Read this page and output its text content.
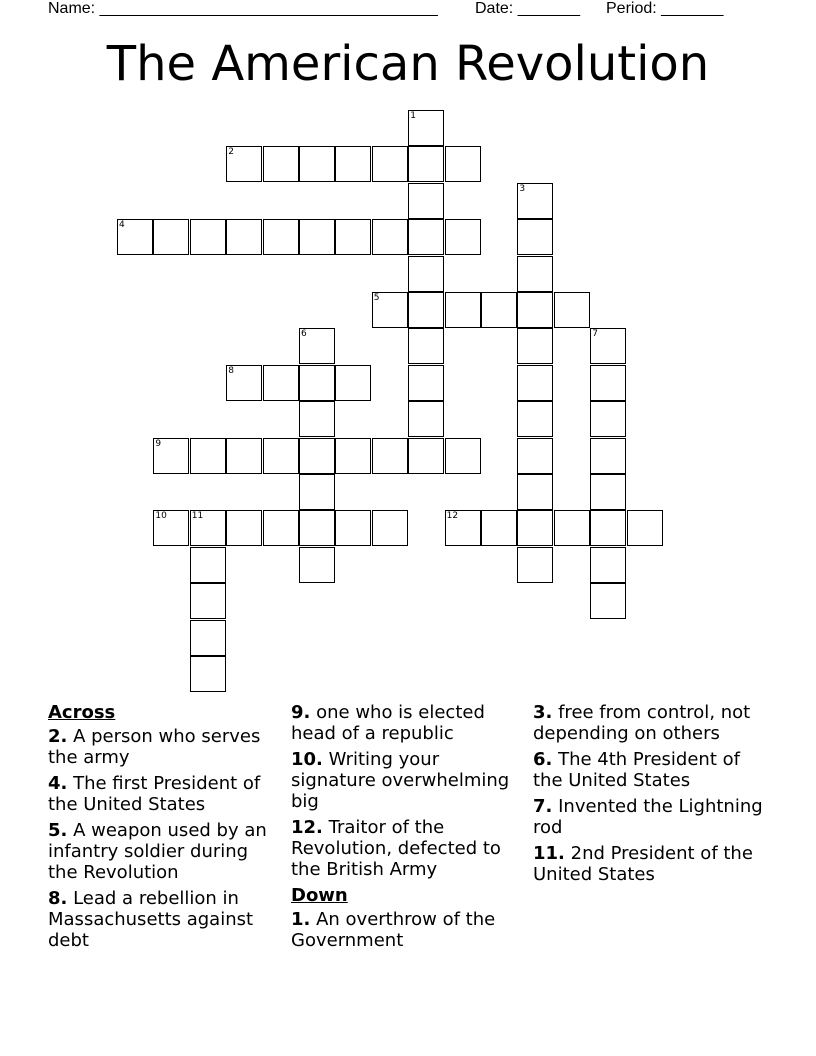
Name: ______________________________________ Date: _______ Period: _______
The American Revolution
1
2
3
4
5
6	7
8
9
10	11	12
Across
2. A person who serves the army
4. The first President of the United States
5. A weapon used by an infantry soldier during the Revolution
8. Lead a rebellion in Massachusetts against debt
9. one who is elected head of a republic
10. Writing your signature overwhelming big
12. Traitor of the Revolution, defected to the British Army
Down
1. An overthrow of the Government
3. free from control, not depending on others
6. The 4th President of the United States
7. Invented the Lightning rod
11. 2nd President of the United States
